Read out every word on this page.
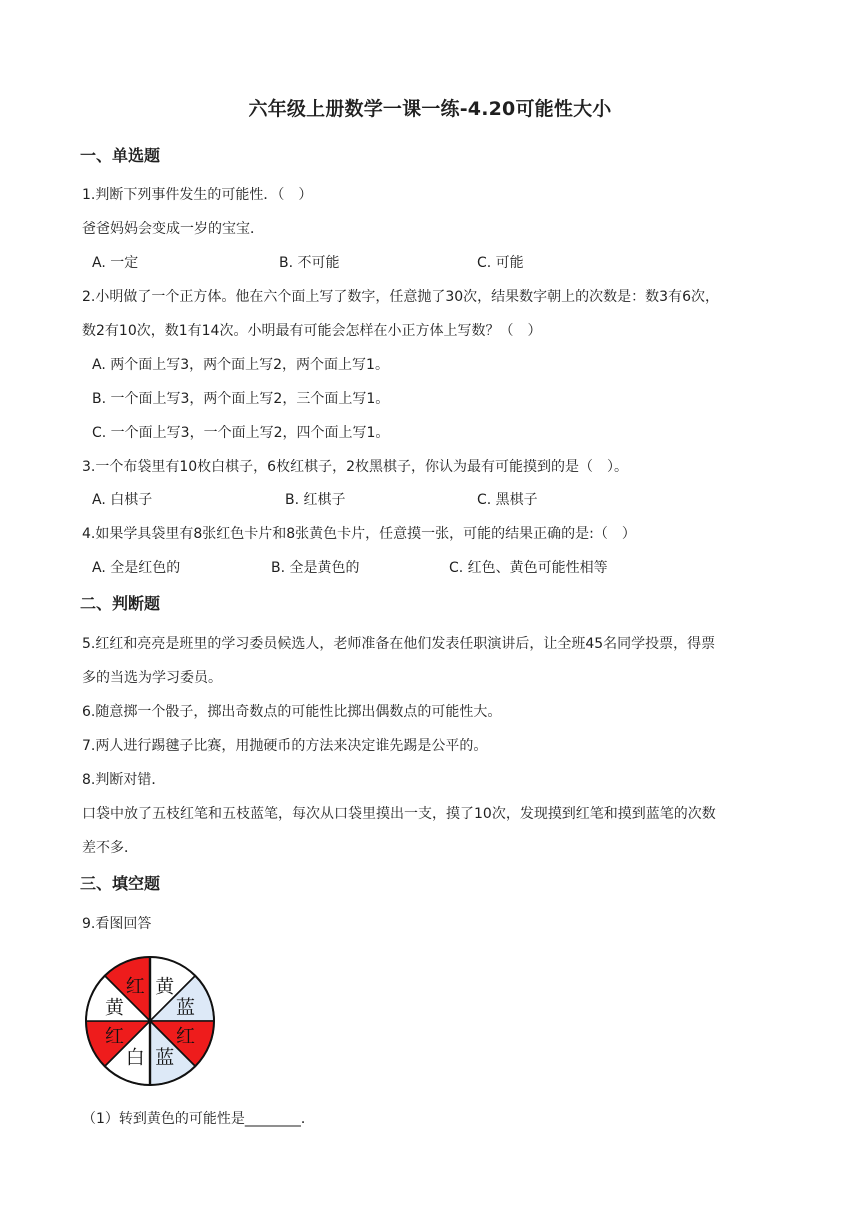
六年级上册数学一课一练-4.20可能性大小
一、单选题
1.判断下列事件发生的可能性．（　）
爸爸妈妈会变成一岁的宝宝．
A. 一定	B. 不可能	C. 可能
2.小明做了一个正方体。他在六个面上写了数字，任意抛了30次，结果数字朝上的次数是：数3有6次，
数2有10次，数1有14次。小明最有可能会怎样在小正方体上写数？（　）
A. 两个面上写3，两个面上写2，两个面上写1。
B. 一个面上写3，两个面上写2，三个面上写1。
C. 一个面上写3，一个面上写2，四个面上写1。
3.一个布袋里有10枚白棋子，6枚红棋子，2枚黑棋子，你认为最有可能摸到的是（　）。
A. 白棋子	B. 红棋子	C. 黑棋子
4.如果学具袋里有8张红色卡片和8张黄色卡片，任意摸一张，可能的结果正确的是:（　）
A. 全是红色的	B. 全是黄色的	C. 红色、黄色可能性相等
二、判断题
5.红红和亮亮是班里的学习委员候选人，老师准备在他们发表任职演讲后，让全班45名同学投票，得票
多的当选为学习委员。
6.随意掷一个骰子，掷出奇数点的可能性比掷出偶数点的可能性大。
7.两人进行踢毽子比赛，用抛硬币的方法来决定谁先踢是公平的。
8.判断对错．
口袋中放了五枝红笔和五枝蓝笔，每次从口袋里摸出一支，摸了10次，发现摸到红笔和摸到蓝笔的次数
差不多．
三、填空题
9.看图回答
红 黄
蓝
红
蓝
白
红
黄
（1）转到黄色的可能性是________．
